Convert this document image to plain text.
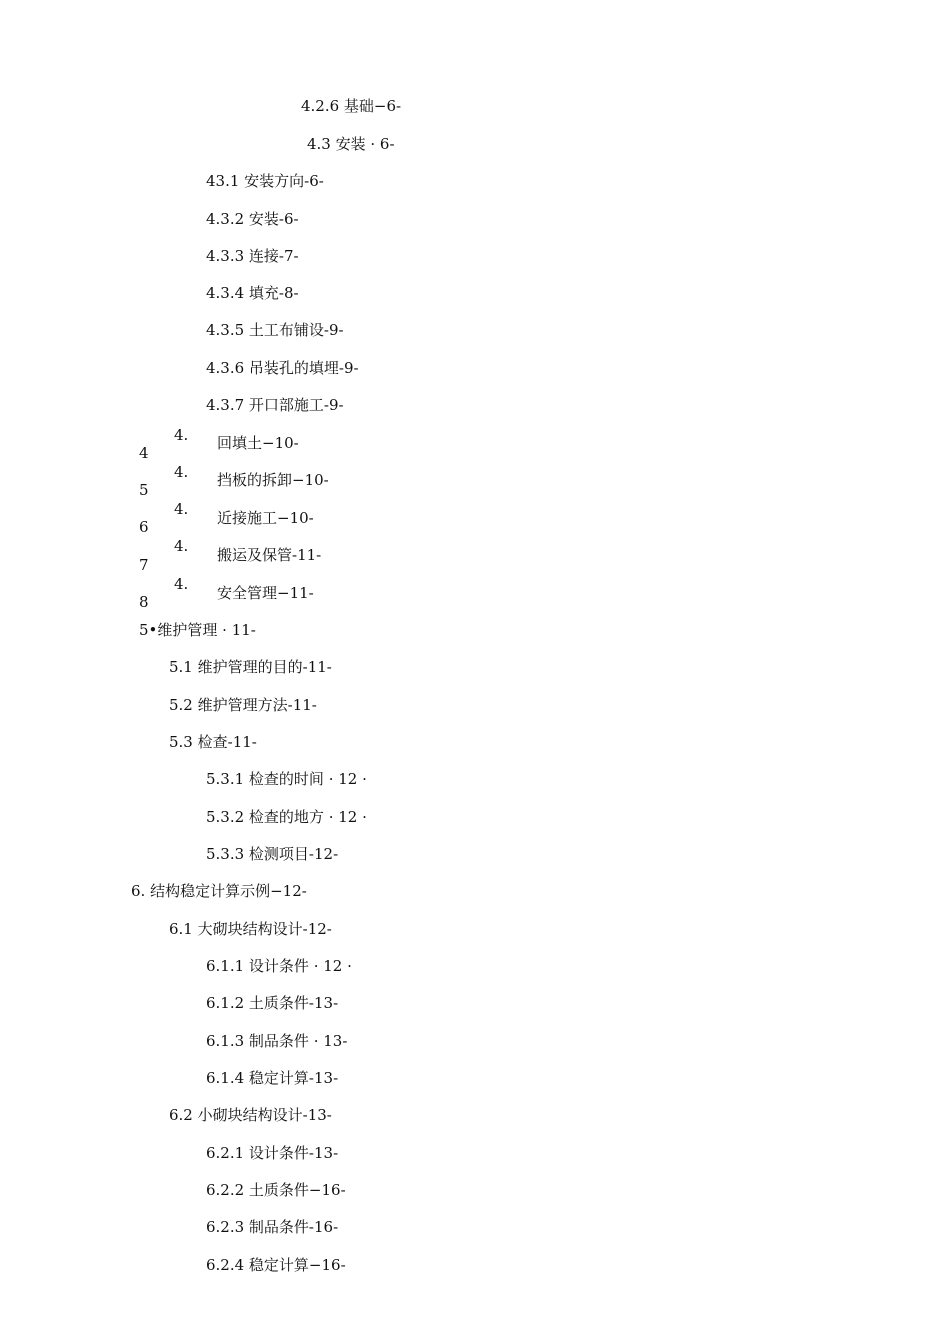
4.2.6 基础−6-
4.3 安装 · 6-
43.1 安装方向-6-
4.3.2 安装-6-
4.3.3 连接-7-
4.3.4 填充-8-
4.3.5 土工布铺设-9-
4.3.6 吊装孔的填埋-9-
4.3.7 开口部施工-9-
4.
4
回填土−10-
4.
5
挡板的拆卸−10-
4.
6	近接施工−10-
4.
7
搬运及保管-11-
4.
8	安全管理−11-
5•维护管理 · 11-
5.1 维护管理的目的-11-
5.2 维护管理方法-11-
5.3 检查-11-
5.3.1 检查的时间 · 12 ·
5.3.2 检查的地方 · 12 ·
5.3.3 检测项目-12-
6. 结构稳定计算示例−12-
6.1 大砌块结构设计-12-
6.1.1 设计条件 · 12 ·
6.1.2 土质条件-13-
6.1.3 制品条件 · 13-
6.1.4 稳定计算-13-
6.2 小砌块结构设计-13-
6.2.1 设计条件-13-
6.2.2 土质条件−16-
6.2.3 制品条件-16-
6.2.4 稳定计算−16-
